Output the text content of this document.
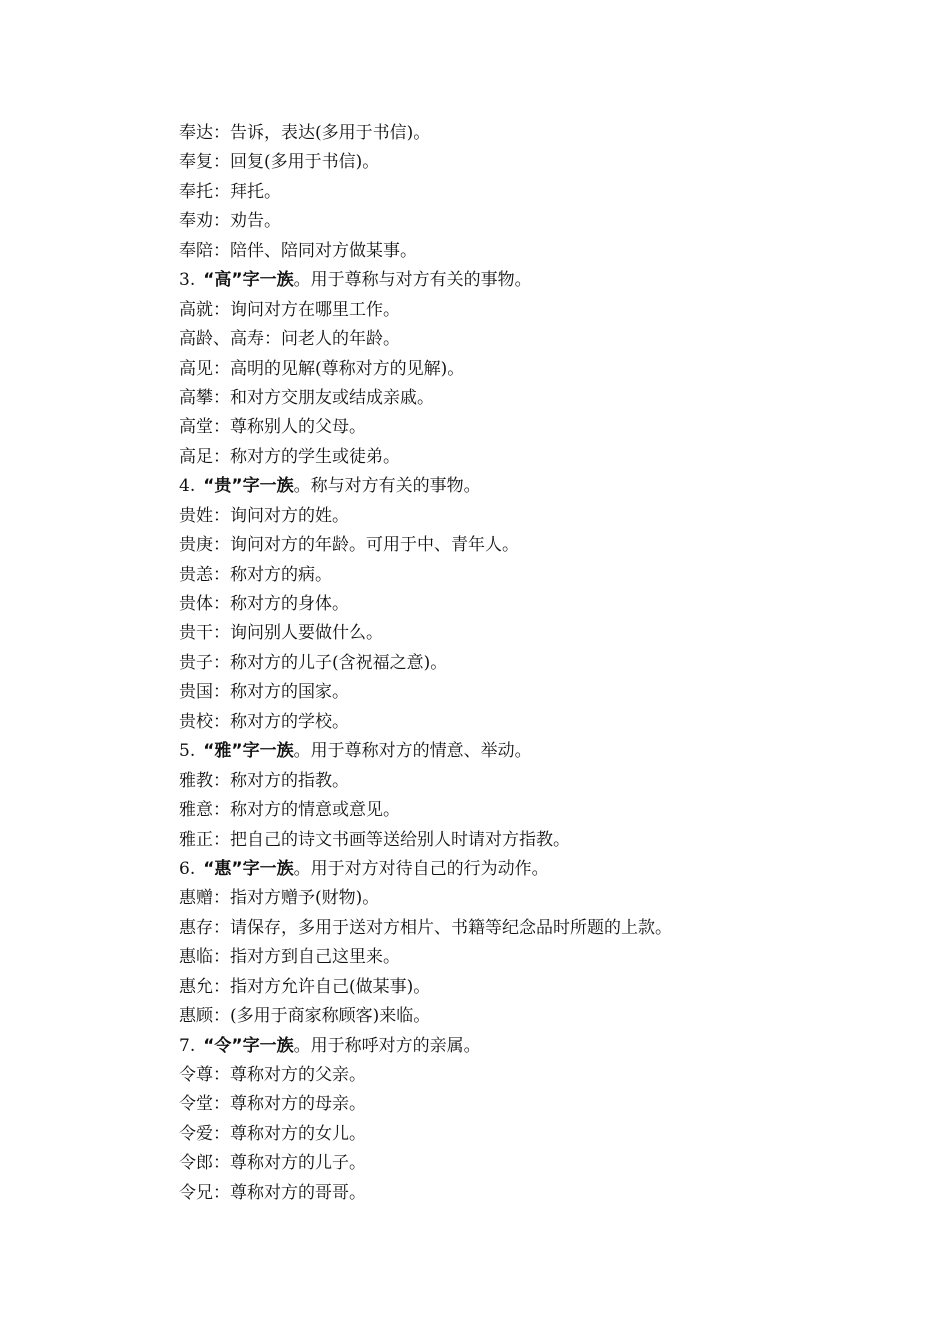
奉达：告诉，表达(多用于书信)。
奉复：回复(多用于书信)。
奉托：拜托。
奉劝：劝告。
奉陪：陪伴、陪同对方做某事。
3. “高”字一族。用于尊称与对方有关的事物。
高就：询问对方在哪里工作。
高龄、高寿：问老人的年龄。
高见：高明的见解(尊称对方的见解)。
高攀：和对方交朋友或结成亲戚。
高堂：尊称别人的父母。
高足：称对方的学生或徒弟。
4. “贵”字一族。称与对方有关的事物。
贵姓：询问对方的姓。
贵庚：询问对方的年龄。可用于中、青年人。
贵恙：称对方的病。
贵体：称对方的身体。
贵干：询问别人要做什么。
贵子：称对方的儿子(含祝福之意)。
贵国：称对方的国家。
贵校：称对方的学校。
5. “雅”字一族。用于尊称对方的情意、举动。
雅教：称对方的指教。
雅意：称对方的情意或意见。
雅正：把自己的诗文书画等送给别人时请对方指教。
6. “惠”字一族。用于对方对待自己的行为动作。
惠赠：指对方赠予(财物)。
惠存：请保存，多用于送对方相片、书籍等纪念品时所题的上款。
惠临：指对方到自己这里来。
惠允：指对方允许自己(做某事)。
惠顾：(多用于商家称顾客)来临。
7. “令”字一族。用于称呼对方的亲属。
令尊：尊称对方的父亲。
令堂：尊称对方的母亲。
令爱：尊称对方的女儿。
令郎：尊称对方的儿子。
令兄：尊称对方的哥哥。
